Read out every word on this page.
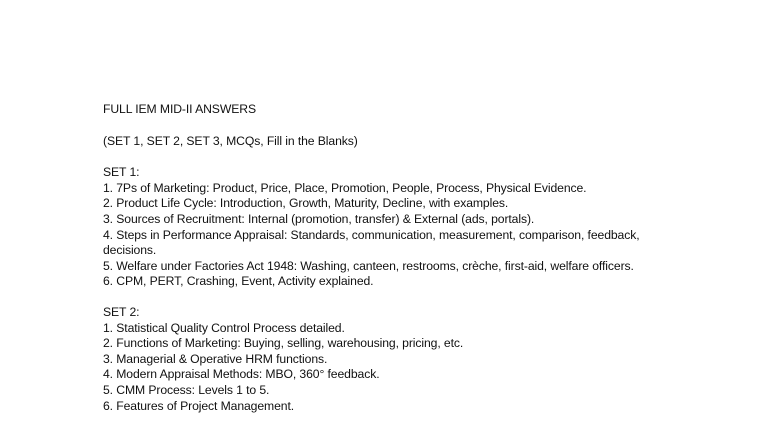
FULL IEM MID-II ANSWERS
(SET 1, SET 2, SET 3, MCQs, Fill in the Blanks)
SET 1:
1. 7Ps of Marketing: Product, Price, Place, Promotion, People, Process, Physical Evidence.
2. Product Life Cycle: Introduction, Growth, Maturity, Decline, with examples.
3. Sources of Recruitment: Internal (promotion, transfer) & External (ads, portals).
4. Steps in Performance Appraisal: Standards, communication, measurement, comparison, feedback, decisions.
5. Welfare under Factories Act 1948: Washing, canteen, restrooms, crèche, first-aid, welfare officers.
6. CPM, PERT, Crashing, Event, Activity explained.
SET 2:
1. Statistical Quality Control Process detailed.
2. Functions of Marketing: Buying, selling, warehousing, pricing, etc.
3. Managerial & Operative HRM functions.
4. Modern Appraisal Methods: MBO, 360° feedback.
5. CMM Process: Levels 1 to 5.
6. Features of Project Management.
